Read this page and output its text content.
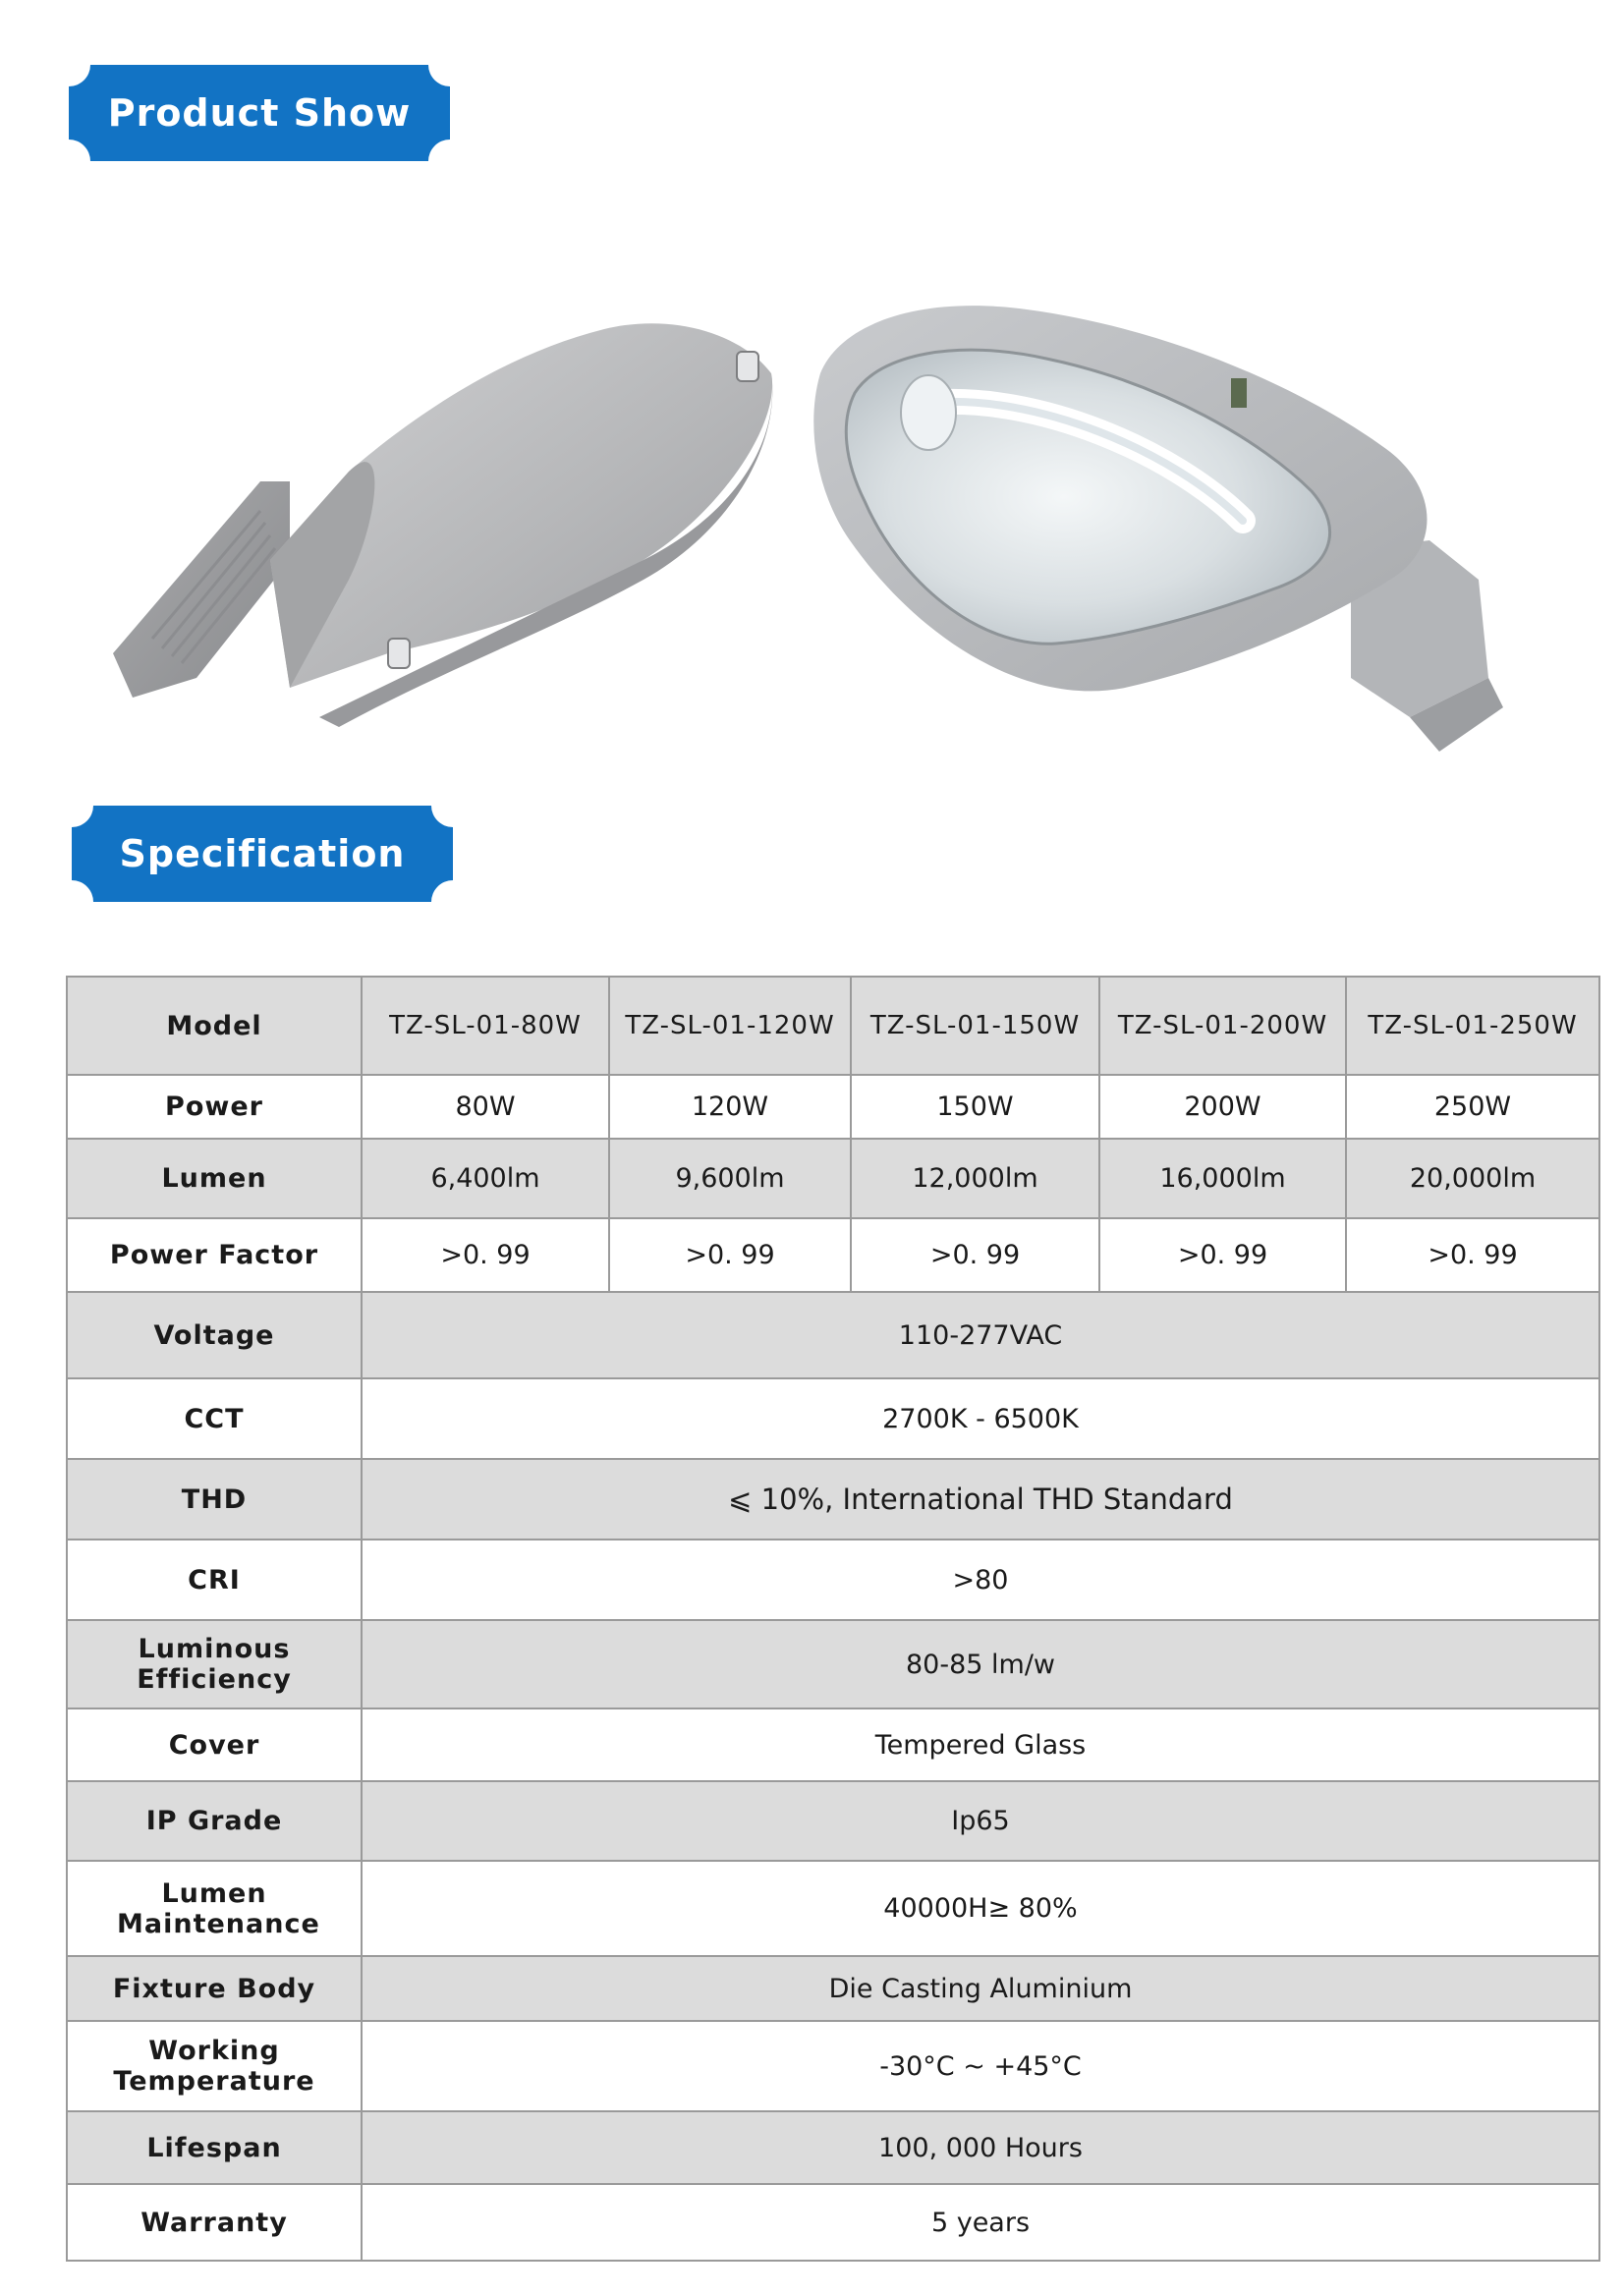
Product Show
Specification
Model	TZ-SL-01-80W	TZ-SL-01-120W	TZ-SL-01-150W	TZ-SL-01-200W	TZ-SL-01-250W
Power	80W	120W	150W	200W	250W
Lumen	6,400lm	9,600lm	12,000lm	16,000lm	20,000lm
Power Factor	>0. 99	>0. 99	>0. 99	>0. 99	>0. 99
Voltage	110-277VAC				
CCT	2700K - 6500K				
THD	⩽ 10%, International THD Standard				
CRI	>80				
Luminous Efficiency	80-85 lm/w				
Cover	Tempered Glass				
IP Grade	Ip65				
Lumen Maintenance	40000H≥ 80%				
Fixture Body	Die Casting Aluminium				
Working Temperature	-30°C ~ +45°C				
Lifespan	100, 000 Hours				
Warranty	5 years				
